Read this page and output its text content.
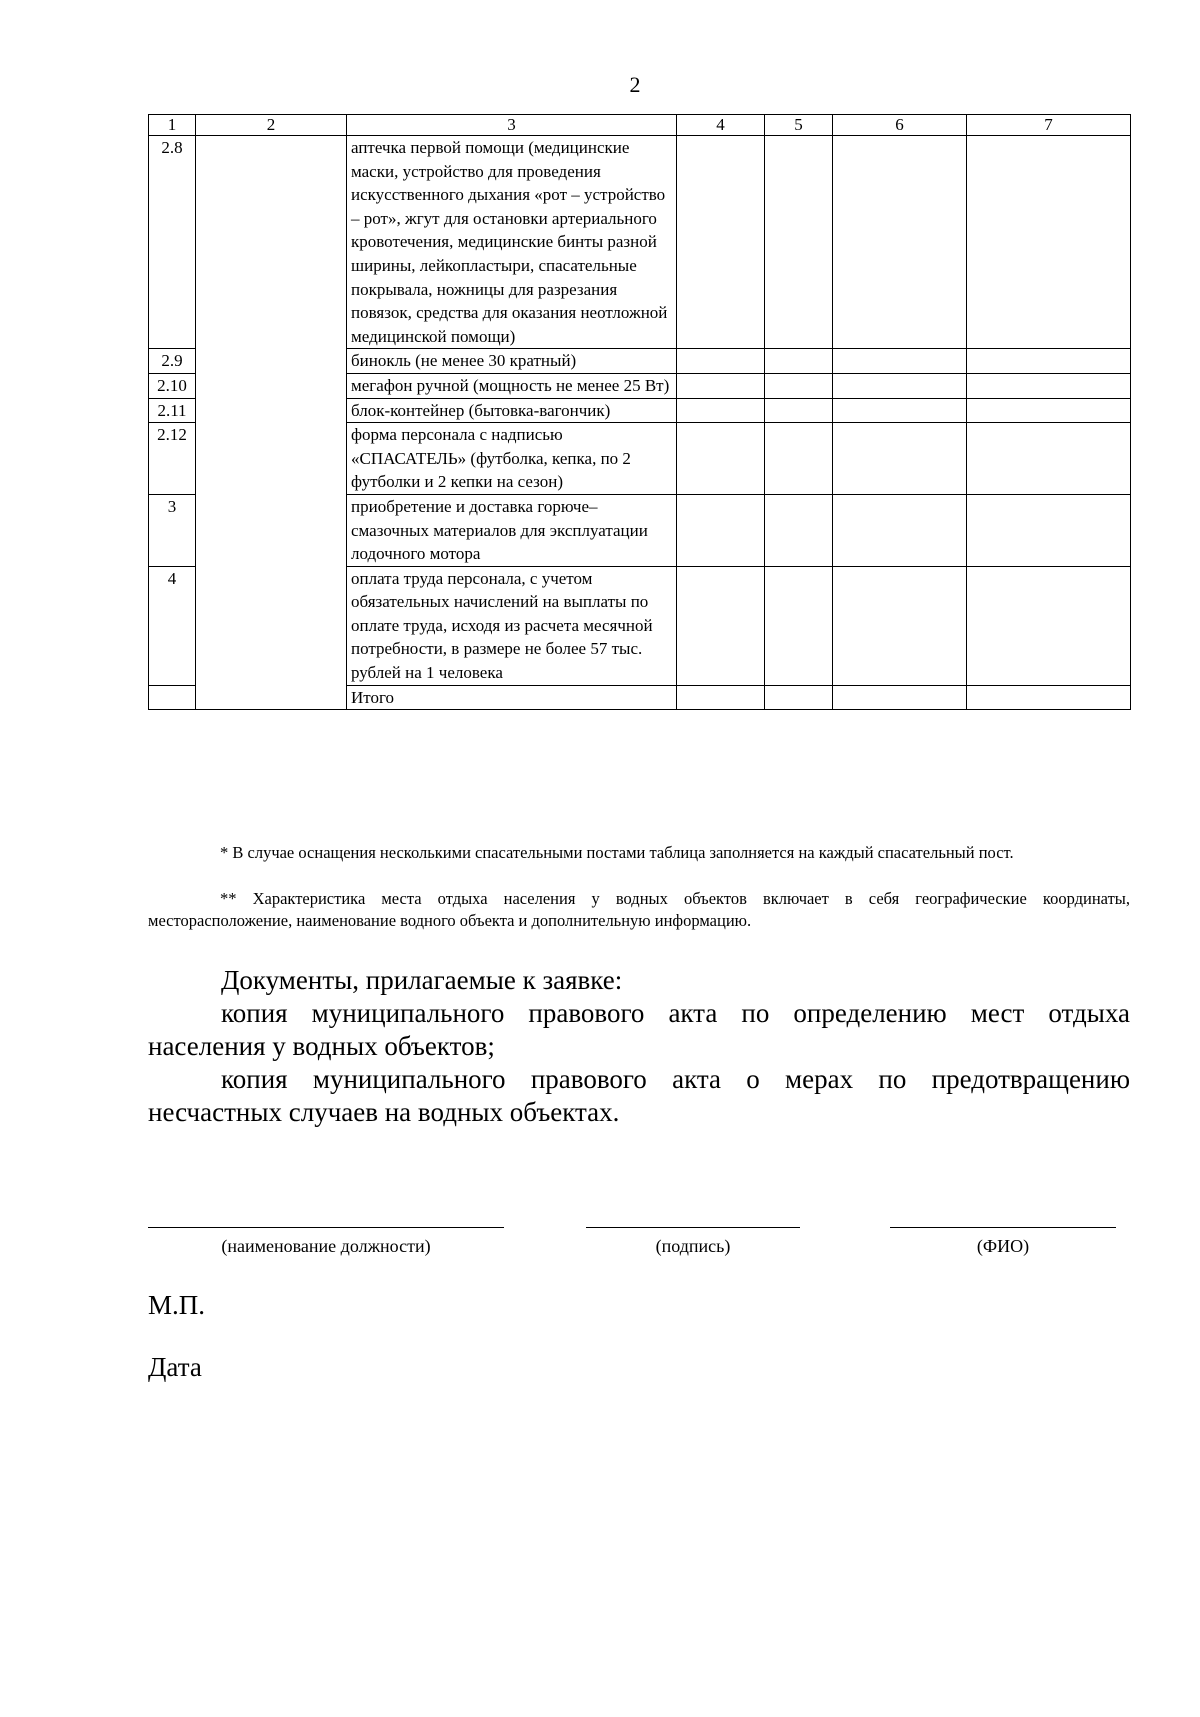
2
1	2	3	4	5	6	7
2.8		аптечка первой помощи (медицинские маски, устройство для проведения искусственного дыхания «рот – устройство – рот», жгут для остановки артериального кровотечения, медицинские бинты разной ширины, лейкопластыри, спасательные покрывала, ножницы для разрезания повязок, средства для оказания неотложной медицинской помощи)				
2.9		бинокль (не менее 30 кратный)				
2.10		мегафон ручной (мощность не менее 25 Вт)				
2.11		блок-контейнер (бытовка-вагончик)				
2.12		форма персонала с надписью «СПАСАТЕЛЬ» (футболка, кепка, по 2 футболки и 2 кепки на сезон)				
3		приобретение и доставка горюче–смазочных материалов для эксплуатации лодочного мотора				
4		оплата труда персонала, с учетом обязательных начислений на выплаты по оплате труда, исходя из расчета месячной потребности, в размере не более 57 тыс. рублей на 1 человека				
		Итого				
* В случае оснащения несколькими спасательными постами таблица заполняется на каждый спасательный пост.
** Характеристика места отдыха населения у водных объектов включает в себя географические координаты, месторасположение, наименование водного объекта и дополнительную информацию.

Документы, прилагаемые к заявке:

копия муниципального правового акта по определению мест отдыха населения у водных объектов;

копия муниципального правового акта о мерах по предотвращению несчастных случаев на водных объектах.

(наименование должности)	(подпись)	(ФИО)
М.П.
Дата
